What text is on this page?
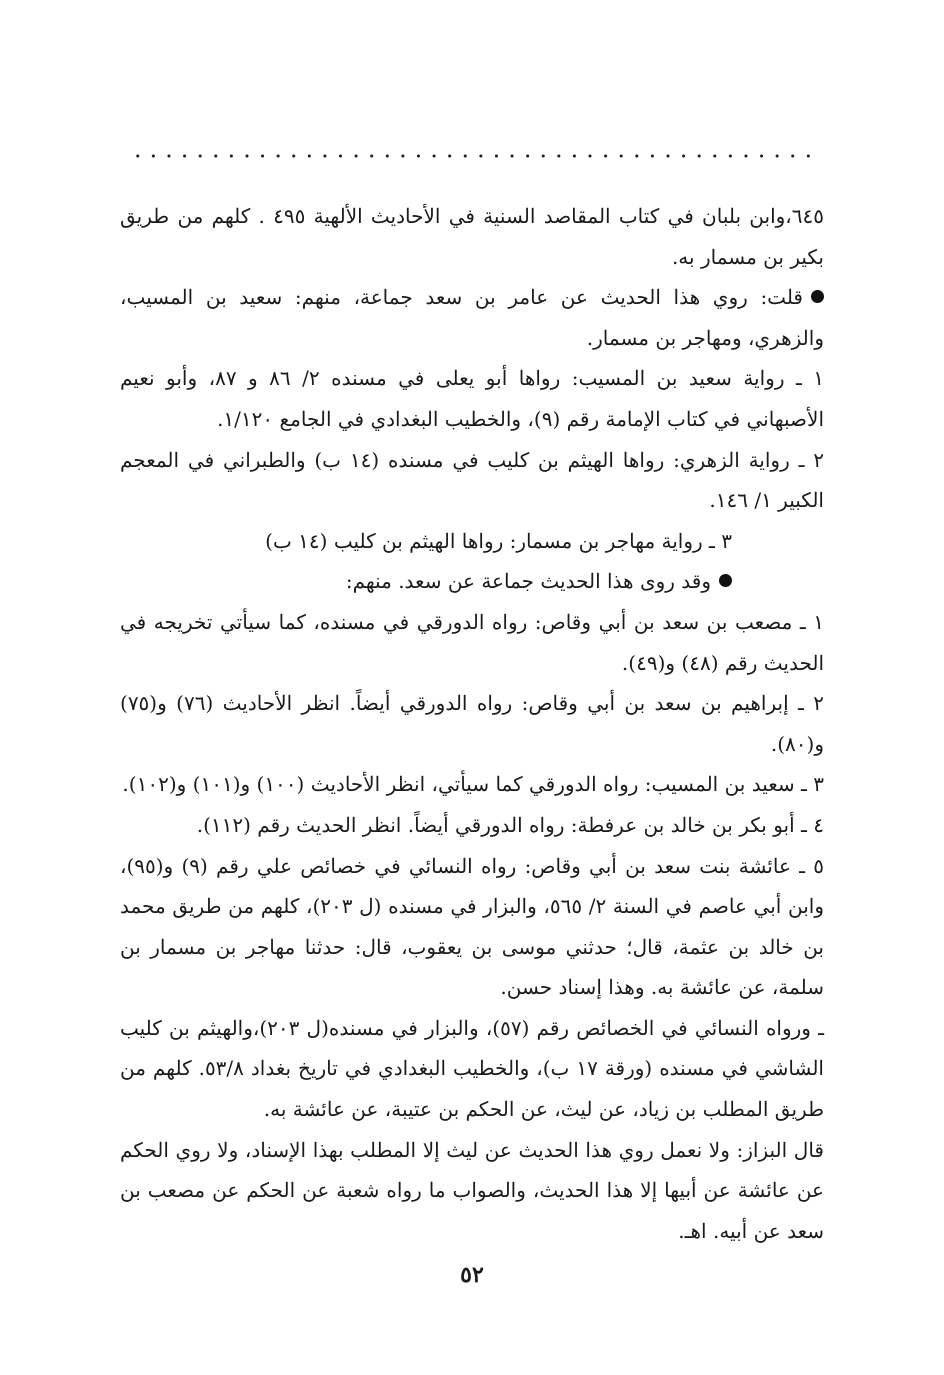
٦٤٥،وابن بلبان في كتاب المقاصد السنية في الأحاديث الألهية ٤٩٥ . كلهم من طريق بكير بن مسمار به.

قلت: روي هذا الحديث عن عامر بن سعد جماعة، منهم: سعيد بن المسيب، والزهري، ومهاجر بن مسمار.

١ ـ رواية سعيد بن المسيب: رواها أبو يعلى في مسنده ٢/ ٨٦ و ٨٧، وأبو نعيم الأصبهاني في كتاب الإمامة رقم (٩)، والخطيب البغدادي في الجامع ١/١٢٠.

٢ ـ رواية الزهري: رواها الهيثم بن كليب في مسنده (١٤ ب) والطبراني في المعجم الكبير ١/ ١٤٦.

٣ ـ رواية مهاجر بن مسمار: رواها الهيثم بن كليب (١٤ ب)

وقد روى هذا الحديث جماعة عن سعد. منهم:

١ ـ مصعب بن سعد بن أبي وقاص: رواه الدورقي في مسنده، كما سيأتي تخريجه في الحديث رقم (٤٨) و(٤٩).

٢ ـ إبراهيم بن سعد بن أبي وقاص: رواه الدورقي أيضاً. انظر الأحاديث (٧٦) و(٧٥) و(٨٠).

٣ ـ سعيد بن المسيب: رواه الدورقي كما سيأتي، انظر الأحاديث (١٠٠) و(١٠١) و(١٠٢).

٤ ـ أبو بكر بن خالد بن عرفطة: رواه الدورقي أيضاً. انظر الحديث رقم (١١٢).

٥ ـ عائشة بنت سعد بن أبي وقاص: رواه النسائي في خصائص علي رقم (٩) و(٩٥)، وابن أبي عاصم في السنة ٢/ ٥٦٥، والبزار في مسنده (ل ٢٠٣)، كلهم من طريق محمد بن خالد بن عثمة، قال؛ حدثني موسى بن يعقوب، قال: حدثنا مهاجر بن مسمار بن سلمة، عن عائشة به. وهذا إسناد حسن.

ـ ورواه النسائي في الخصائص رقم (٥٧)، والبزار في مسنده(ل ٢٠٣)،والهيثم بن كليب الشاشي في مسنده (ورقة ١٧ ب)، والخطيب البغدادي في تاريخ بغداد ٥٣/٨. كلهم من طريق المطلب بن زياد، عن ليث، عن الحكم بن عتيبة، عن عائشة به.

قال البزاز: ولا نعمل روي هذا الحديث عن ليث إلا المطلب بهذا الإسناد، ولا روي الحكم عن عائشة عن أبيها إلا هذا الحديث، والصواب ما رواه شعبة عن الحكم عن مصعب بن سعد عن أبيه. اهـ.

٥٢
